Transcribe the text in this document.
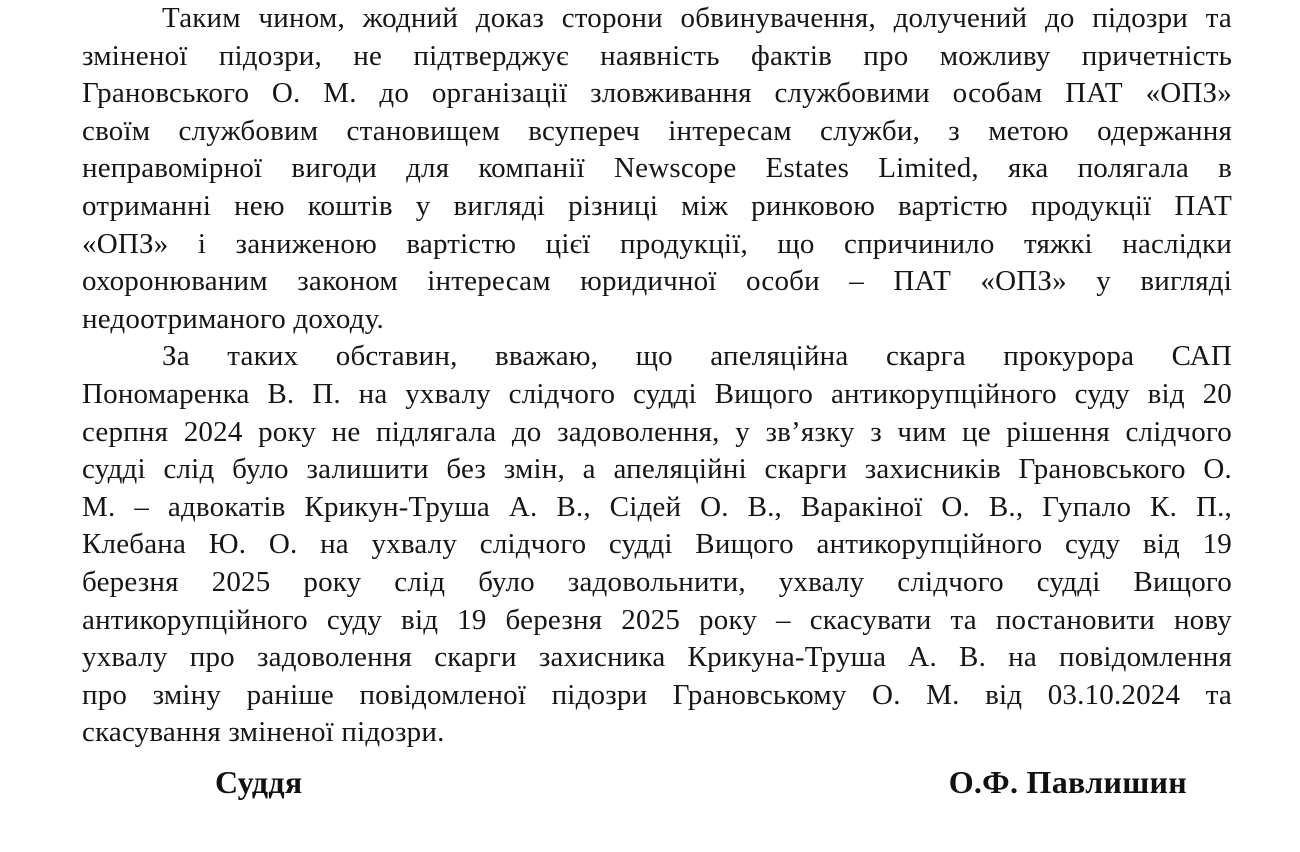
Таким чином, жодний доказ сторони обвинувачення, долучений до підозри та
зміненої підозри, не підтверджує наявність фактів про можливу причетність
Грановського О. М. до організації зловживання службовими особам ПАТ «ОПЗ»
своїм службовим становищем всупереч інтересам служби, з метою одержання
неправомірної вигоди для компанії Newscope Estates Limited, яка полягала в
отриманні нею коштів у вигляді різниці між ринковою вартістю продукції ПАТ
«ОПЗ» і заниженою вартістю цієї продукції, що спричинило тяжкі наслідки
охоронюваним законом інтересам юридичної особи – ПАТ «ОПЗ» у вигляді
недоотриманого доходу.
За таких обставин, вважаю, що апеляційна скарга прокурора САП
Пономаренка В. П. на ухвалу слідчого судді Вищого антикорупційного суду від 20
серпня 2024 року не підлягала до задоволення, у зв’язку з чим це рішення слідчого
судді слід було залишити без змін, а апеляційні скарги захисників Грановського О.
М. – адвокатів Крикун-Труша А. В., Сідей О. В., Варакіної О. В., Гупало К. П.,
Клебана Ю. О. на ухвалу слідчого судді Вищого антикорупційного суду від 19
березня 2025 року слід було задовольнити, ухвалу слідчого судді Вищого
антикорупційного суду від 19 березня 2025 року – скасувати та постановити нову
ухвалу про задоволення скарги захисника Крикуна-Труша А. В. на повідомлення
про зміну раніше повідомленої підозри Грановському О. М. від 03.10.2024 та
скасування зміненої підозри.
Суддя	О.Ф. Павлишин
